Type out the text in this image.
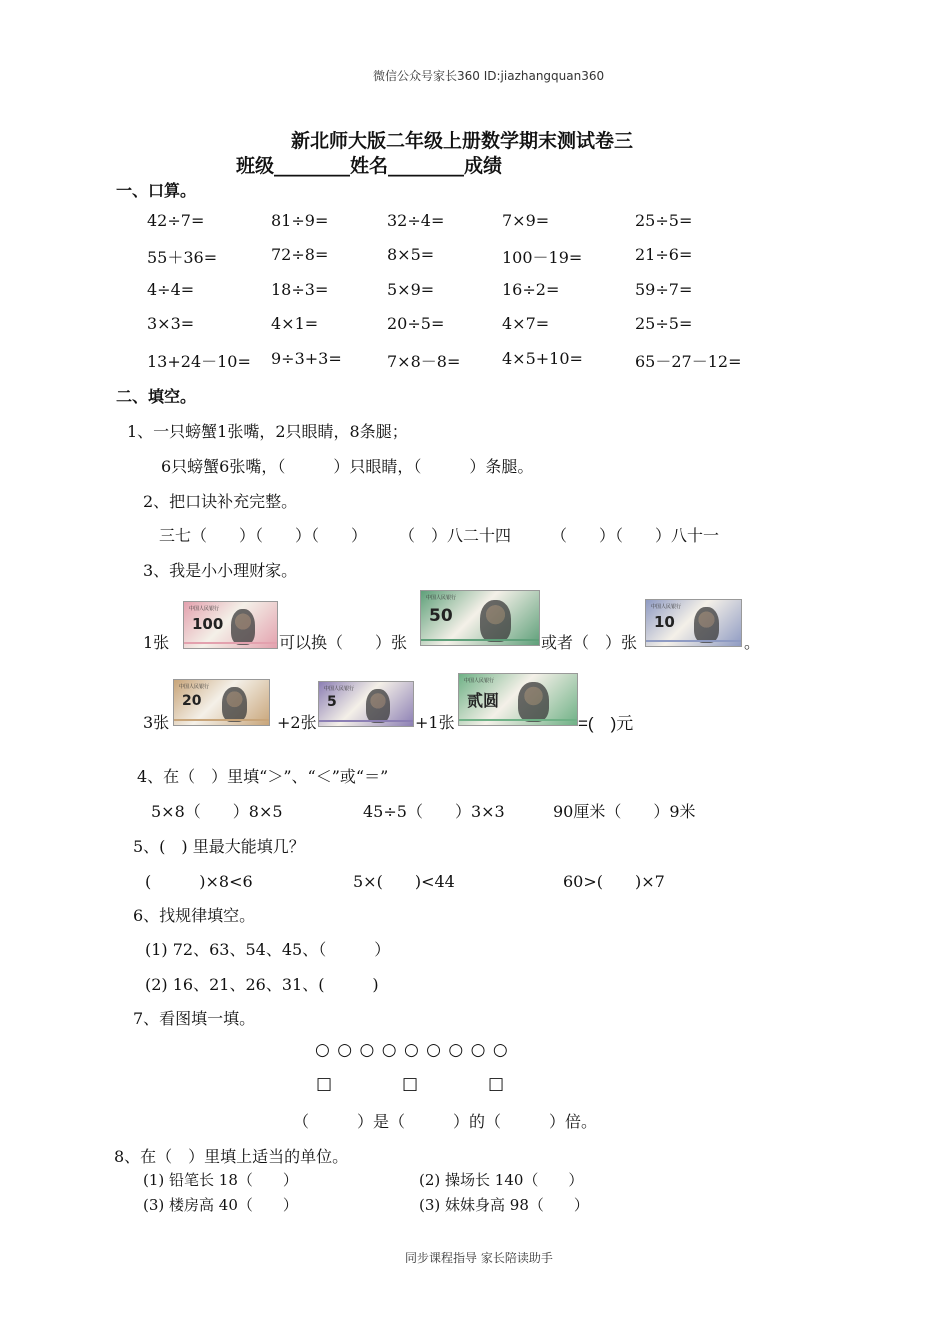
微信公众号家长360 ID:jiazhangquan360
新北师大版二年级上册数学期末测试卷三
班级________姓名________成绩
一、口算。
42÷7=	81÷9=	32÷4=	7×9=	25÷5=
55＋36=	72÷8=	8×5=	100－19=	21÷6=
4÷4=	18÷3=	5×9=	16÷2=	59÷7=
3×3=	4×1=	20÷5=	4×7=	25÷5=
13+24－10= 9÷3+3=	7×8－8=	4×5+10=	65－27－12=
二、填空。
1、一只螃蟹1张嘴，2只眼睛，8条腿；
6只螃蟹6张嘴，（　　　）只眼睛，（　　　）条腿。
2、把口诀补充完整。
三七（　　）（　　）（　　）　　　（　）八二十四　　　（　　）（　　）八十一
3、我是小小理财家。
1张
中国人民银行
100
可以换（　　）张
中国人民银行
50
或者（　）张
中国人民银行
10
。
3张
中国人民银行
20
+2张
中国人民银行
5
+1张
中国人民银行
贰圆
=(　)元
4、在（　）里填“＞”、“＜”或“＝”
5×8（　　）8×5	45÷5（　　）3×3	90厘米（　　）9米
5、(　) 里最大能填几？
(　　　)×8<6	5×(　　)<44	60>(　　)×7
6、找规律填空。
(1) 72、63、54、45、（　　　）
(2) 16、21、26、31、(　　　)
7、看图填一填。
○ ○ ○ ○ ○ ○ ○ ○ ○
□	□	□
（　　　）是（　　　）的（　　　）倍。
8、在（　）里填上适当的单位。
(1) 铅笔长 18（　　）	(2) 操场长 140（　　）
(3) 楼房高 40（　　）	(3) 妹妹身高 98（　　）
同步课程指导 家长陪读助手
